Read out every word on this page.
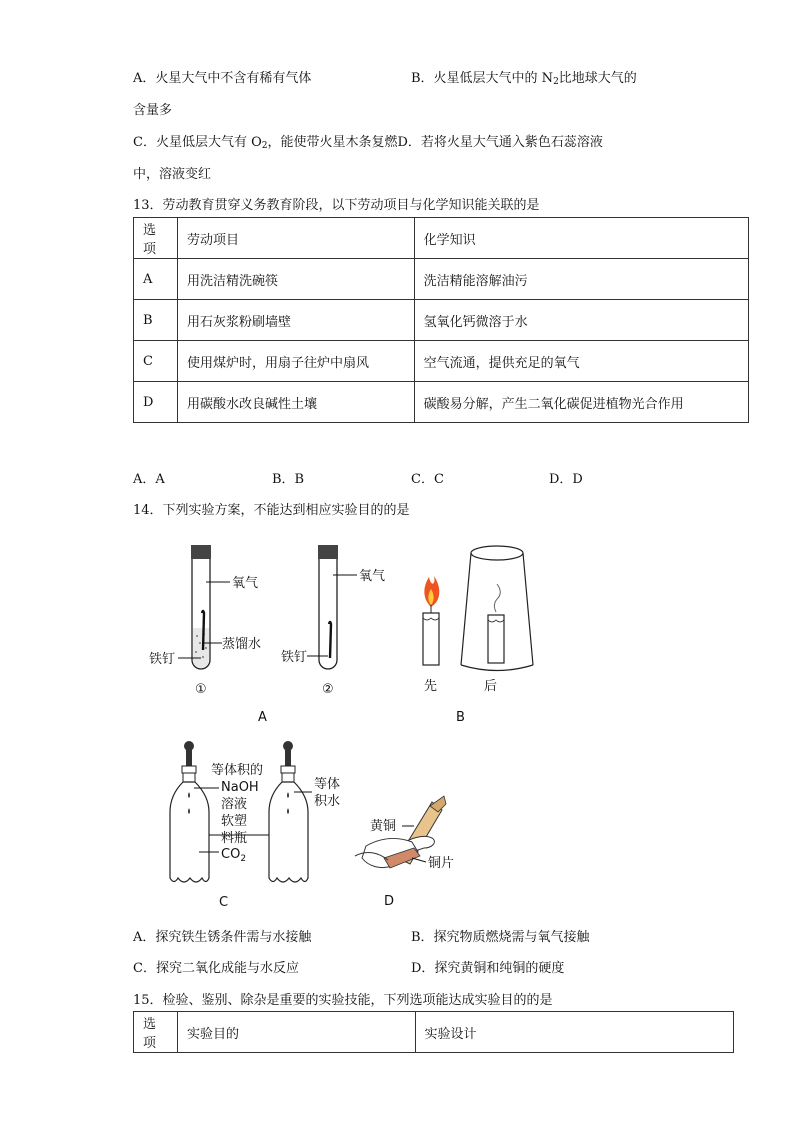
A．火星大气中不含有稀有气体	B．火星低层大气中的 $N_2$比地球大气的
含量多
C．火星低层大气有 $O_2$，能使带火星木条复燃D．若将火星大气通入紫色石蕊溶液
中，溶液变红
13．劳动教育贯穿义务教育阶段，以下劳动项目与化学知识能关联的是
选项	劳动项目	化学知识
A	用洗洁精洗碗筷	洗洁精能溶解油污
B	用石灰浆粉刷墙壁	氢氧化钙微溶于水
C	使用煤炉时，用扇子往炉中扇风	空气流通，提供充足的氧气
D	用碳酸水改良碱性土壤	碳酸易分解，产生二氧化碳促进植物光合作用
A．A	B．B	C．C	D．D
14．下列实验方案，不能达到相应实验目的的是
氧气
蒸馏水
铁钉
①
氧气
铁钉
②
A
先	后
B
等体积的
NaOH
溶液
软塑
料瓶
$CO_2$
等体
积水
C
黄铜
铜片
D
A．探究铁生锈条件需与水接触	B．探究物质燃烧需与氧气接触
C．探究二氧化成能与水反应	D．探究黄铜和纯铜的硬度
15．检验、鉴别、除杂是重要的实验技能，下列选项能达成实验目的的是
选项	实验目的	实验设计
